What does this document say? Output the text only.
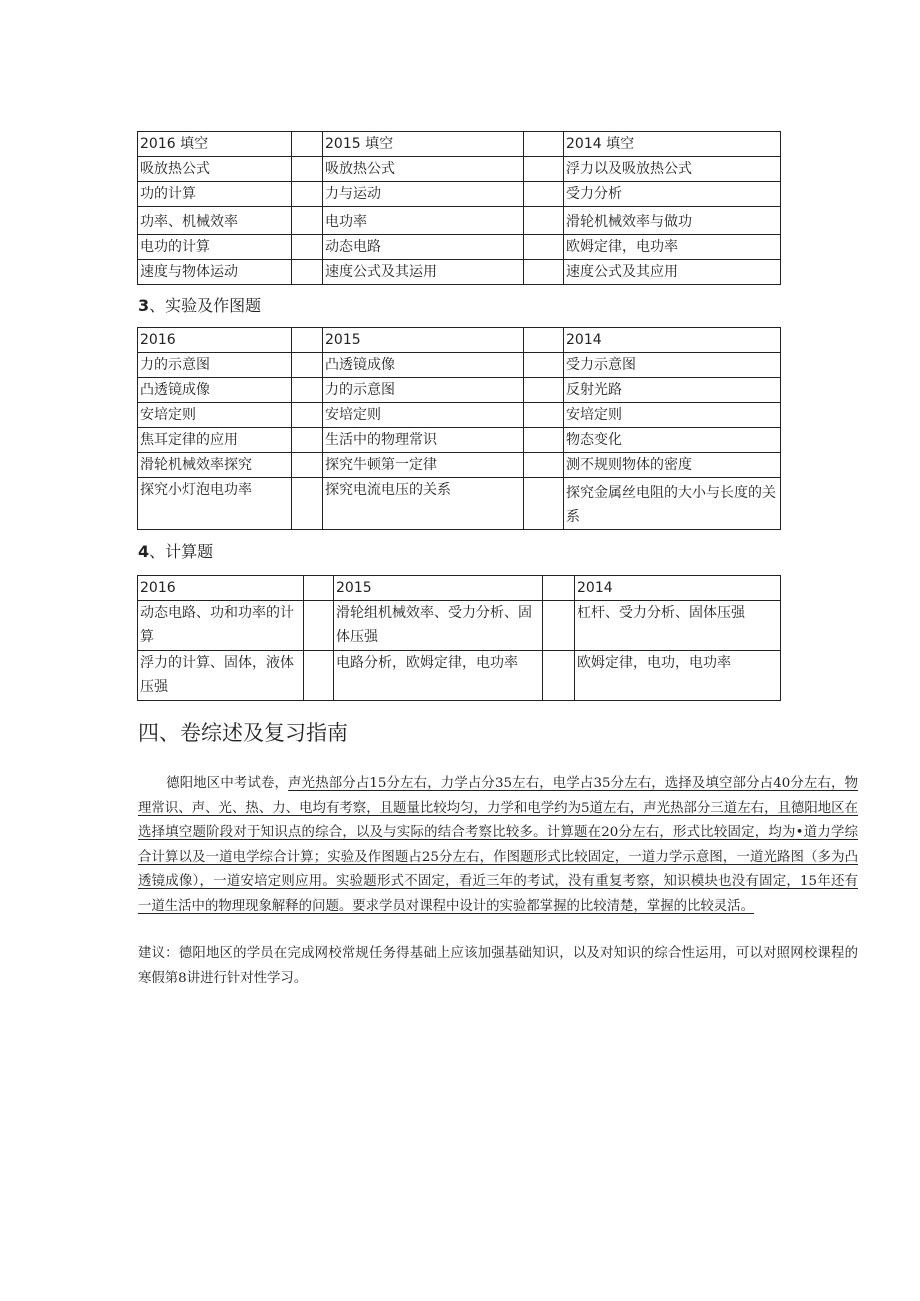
2016 填空		2015 填空		2014 填空
吸放热公式		吸放热公式		浮力以及吸放热公式
功的计算		力与运动		受力分析
功率、机械效率		电功率		滑轮机械效率与做功
电功的计算		动态电路		欧姆定律，电功率
速度与物体运动		速度公式及其运用		速度公式及其应用
3、实验及作图题
2016		2015		2014
力的示意图		凸透镜成像		受力示意图
凸透镜成像		力的示意图		反射光路
安培定则		安培定则		安培定则
焦耳定律的应用		生活中的物理常识		物态变化
滑轮机械效率探究		探究牛顿第一定律		测不规则物体的密度
探究小灯泡电功率		探究电流电压的关系		探究金属丝电阻的大小与长度的关系
4、计算题
2016		2015		2014
动态电路、功和功率的计算		滑轮组机械效率、受力分析、固体压强		杠杆、受力分析、固体压强
浮力的计算、固体，液体压强		电路分析，欧姆定律，电功率		欧姆定律，电功，电功率
四、卷综述及复习指南
德阳地区中考试卷，声光热部分占15分左右，力学占分35左右，电学占35分左右，选择及填空部分占40分左右，物理常识、声、光、热、力、电均有考察，且题量比较均匀，力学和电学约为5道左右，声光热部分三道左右，且德阳地区在选择填空题阶段对于知识点的综合，以及与实际的结合考察比较多。计算题在20分左右，形式比较固定，均为•道力学综合计算以及一道电学综合计算；实验及作图题占25分左右，作图题形式比较固定，一道力学示意图，一道光路图（多为凸透镜成像），一道安培定则应用。实验题形式不固定，看近三年的考试，没有重复考察，知识模块也没有固定，15年还有一道生活中的物理现象解释的问题。要求学员对课程中设计的实验都掌握的比较清楚，掌握的比较灵活。
建议：德阳地区的学员在完成网校常规任务得基础上应该加强基础知识，以及对知识的综合性运用，可以对照网校课程的寒假第8讲进行针对性学习。
